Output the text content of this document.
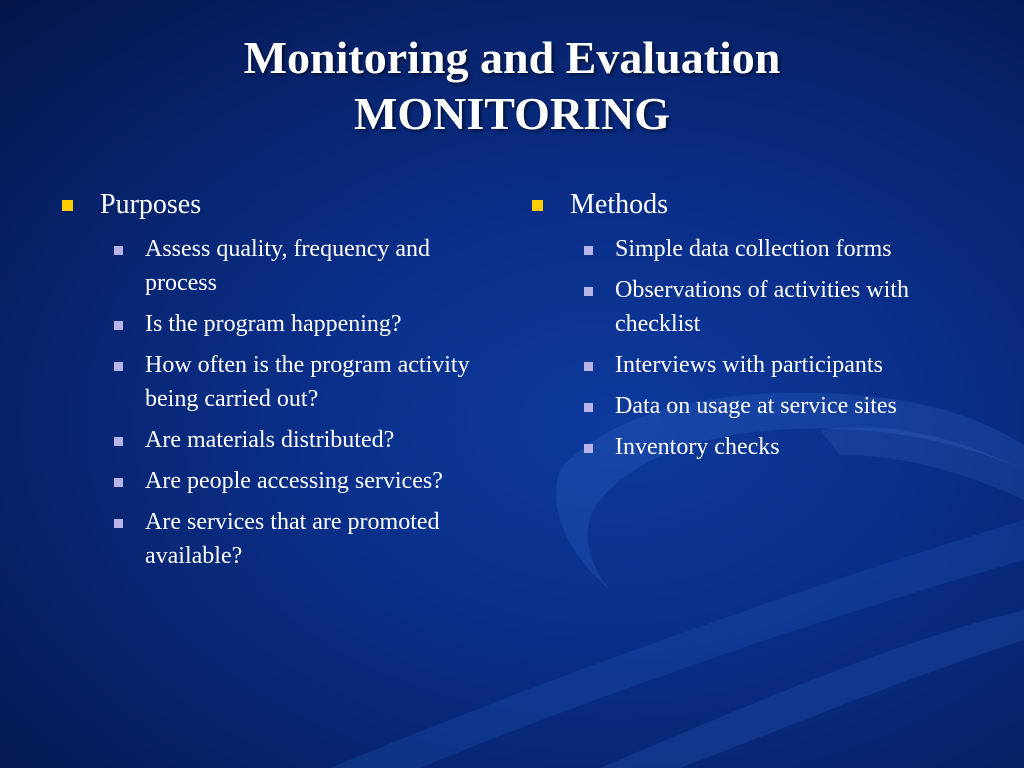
Monitoring and Evaluation
MONITORING
Purposes
Assess quality, frequency and process
Is the program happening?
How often is the program activity being carried out?
Are materials distributed?
Are people accessing services?
Are services that are promoted available?
Methods
Simple data collection forms
Observations of activities with checklist
Interviews with participants
Data on usage at service sites
Inventory checks
